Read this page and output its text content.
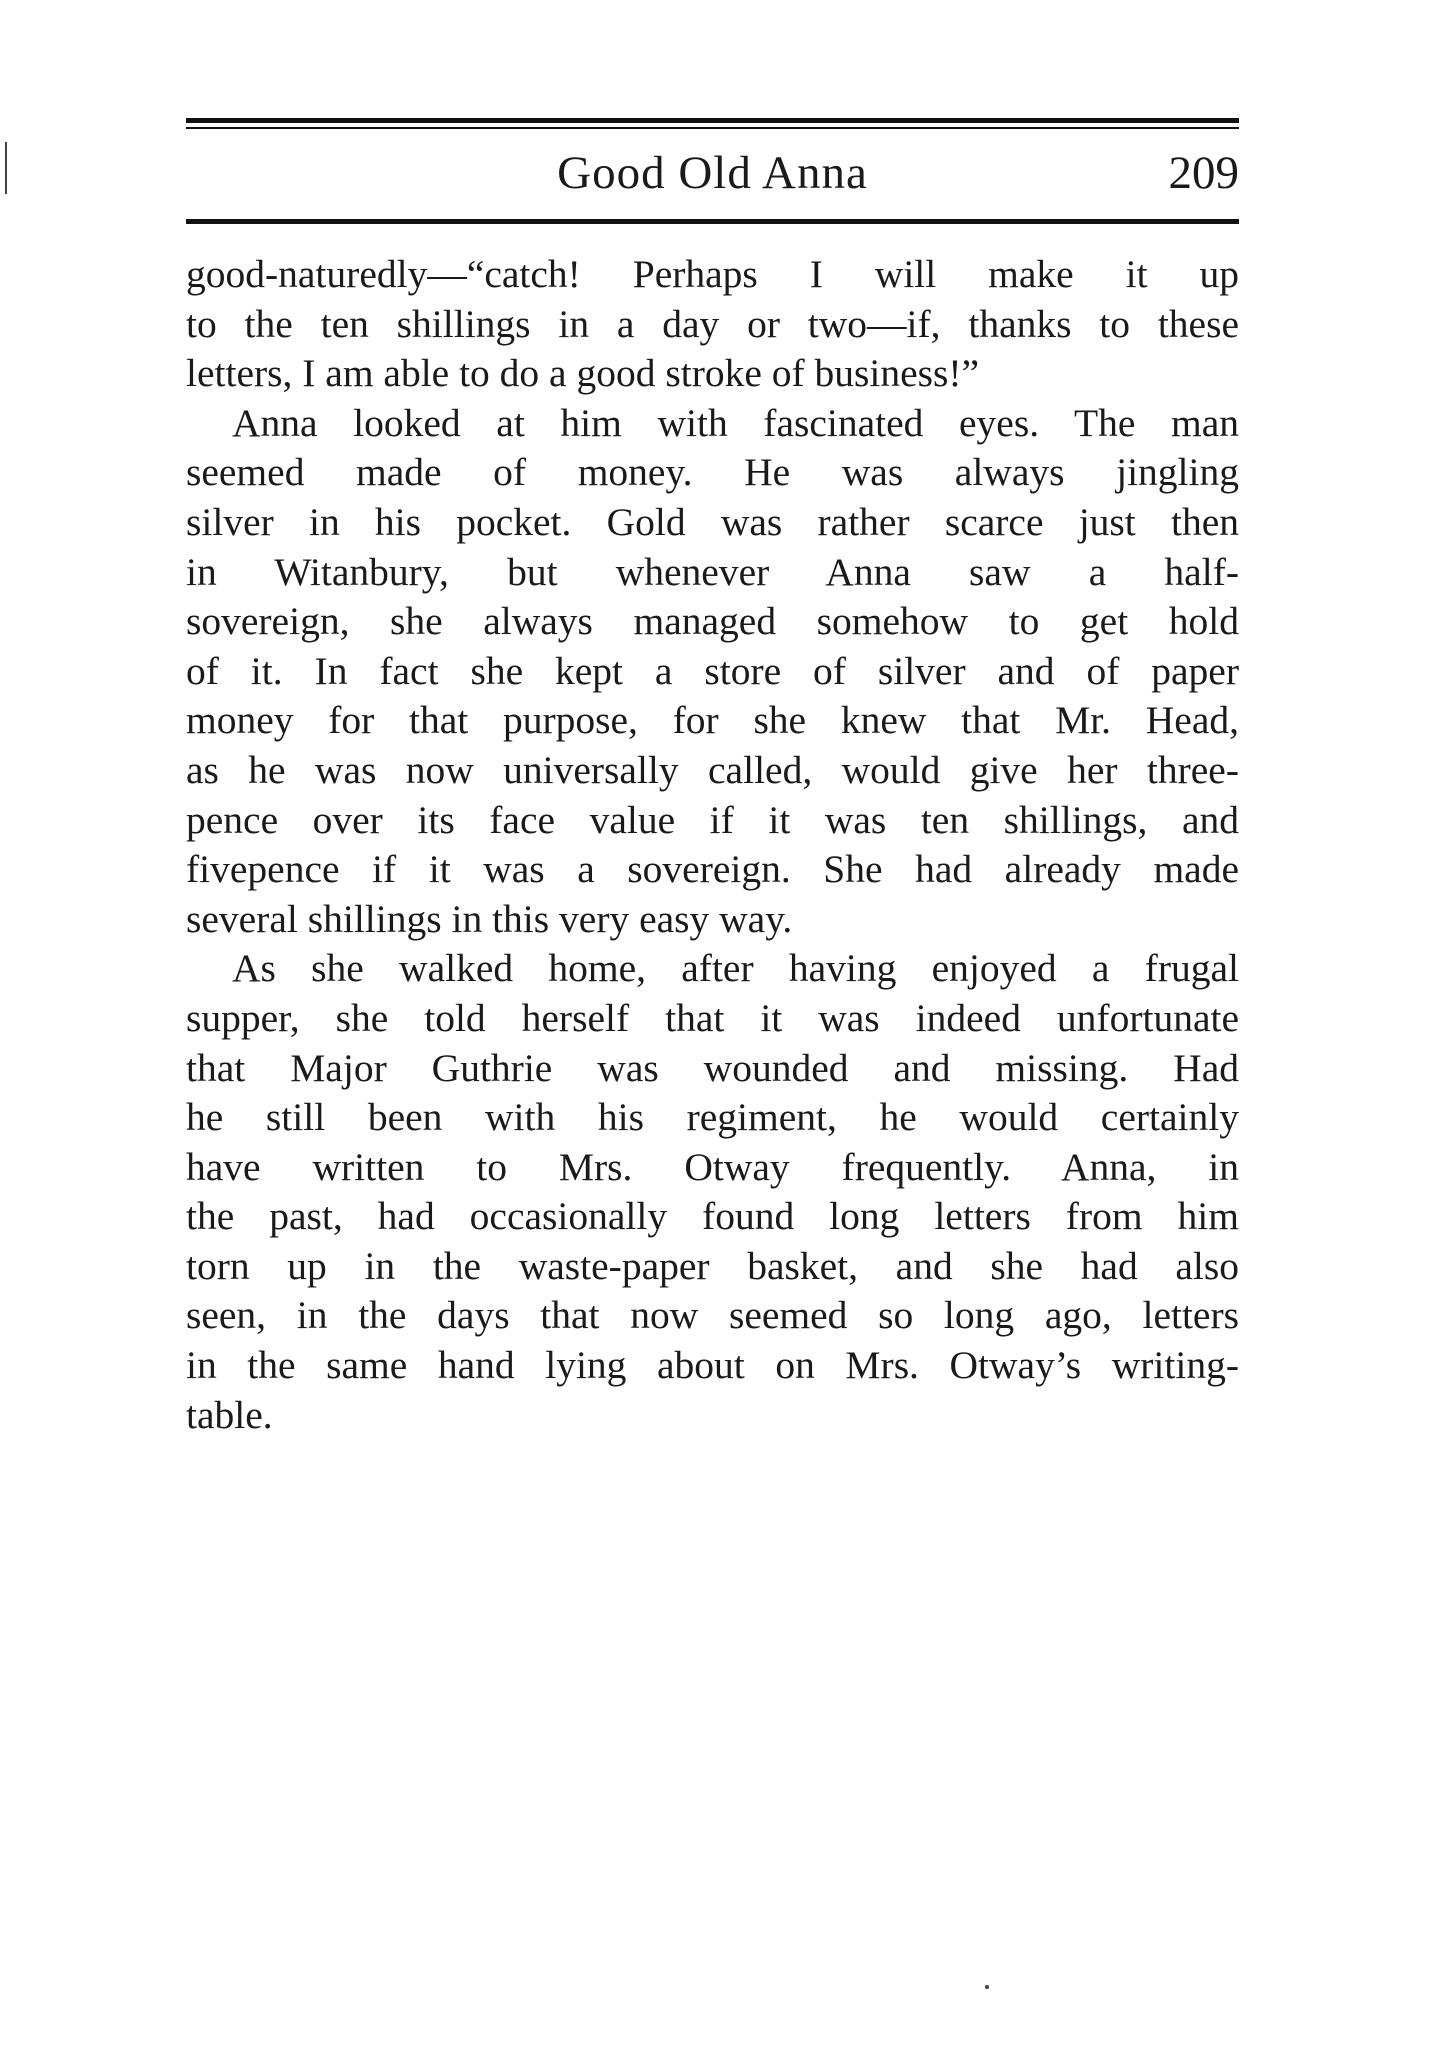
Good Old Anna	209
good-naturedly—“catch! Perhaps I will make it up
to the ten shillings in a day or two—if, thanks to these
letters, I am able to do a good stroke of business!”
Anna looked at him with fascinated eyes. The man
seemed made of money. He was always jingling
silver in his pocket. Gold was rather scarce just then
in Witanbury, but whenever Anna saw a half-
sovereign, she always managed somehow to get hold
of it. In fact she kept a store of silver and of paper
money for that purpose, for she knew that Mr. Head,
as he was now universally called, would give her three-
pence over its face value if it was ten shillings, and
fivepence if it was a sovereign. She had already made
several shillings in this very easy way.
As she walked home, after having enjoyed a frugal
supper, she told herself that it was indeed unfortunate
that Major Guthrie was wounded and missing. Had
he still been with his regiment, he would certainly
have written to Mrs. Otway frequently. Anna, in
the past, had occasionally found long letters from him
torn up in the waste-paper basket, and she had also
seen, in the days that now seemed so long ago, letters
in the same hand lying about on Mrs. Otway’s writing-
table.
